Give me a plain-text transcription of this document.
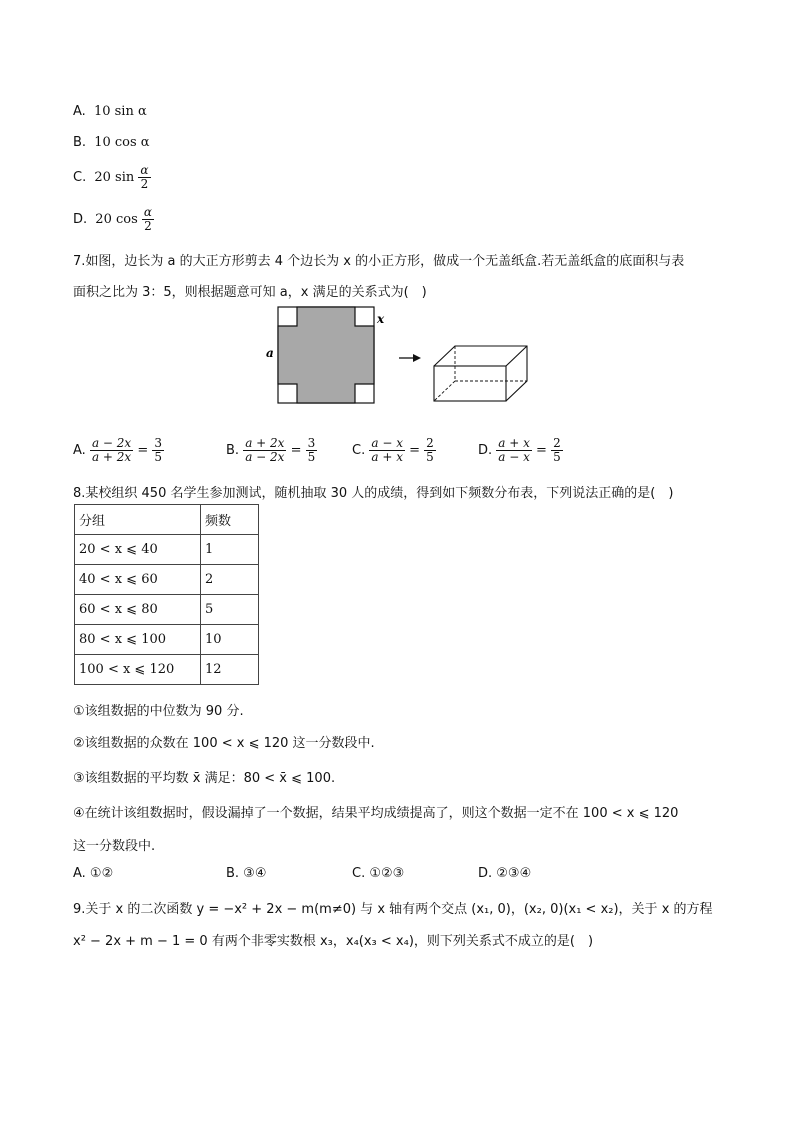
A. 10 sin α
B. 10 cos α
C. 20 $\sin \frac{\alpha}{2}$
D. 20 $\cos \frac{\alpha}{2}$
7.如图，边长为 a 的大正方形剪去 4 个边长为 x 的小正方形，做成一个无盖纸盒.若无盖纸盒的底面积与表
面积之比为 3：5，则根据题意可知 a，x 满足的关系式为(　)
a
x
A. $\frac{a - 2x}{a + 2x} = \frac{3}{5}$	B. $\frac{a + 2x}{a - 2x} = \frac{3}{5}$	C. $\frac{a - x}{a + x} = \frac{2}{5}$	D. $\frac{a + x}{a - x} = \frac{2}{5}$
8.某校组织 450 名学生参加测试，随机抽取 30 人的成绩，得到如下频数分布表，下列说法正确的是(　)
分组	频数
20 < x ⩽ 40	1
40 < x ⩽ 60	2
60 < x ⩽ 80	5
80 < x ⩽ 100	10
100 < x ⩽ 120	12
①该组数据的中位数为 90 分.
②该组数据的众数在 100 < x ⩽ 120 这一分数段中.
③该组数据的平均数 x̄ 满足：80 < x̄ ⩽ 100.
④在统计该组数据时，假设漏掉了一个数据，结果平均成绩提高了，则这个数据一定不在 100 < x ⩽ 120
这一分数段中.
A. ①②	B. ③④	C. ①②③	D. ②③④
9.关于 x 的二次函数 y = −x² + 2x − m(m≠0) 与 x 轴有两个交点 (x₁, 0)，(x₂, 0)(x₁ < x₂)，关于 x 的方程
x² − 2x + m − 1 = 0 有两个非零实数根 x₃，x₄(x₃ < x₄)，则下列关系式不成立的是(　)
